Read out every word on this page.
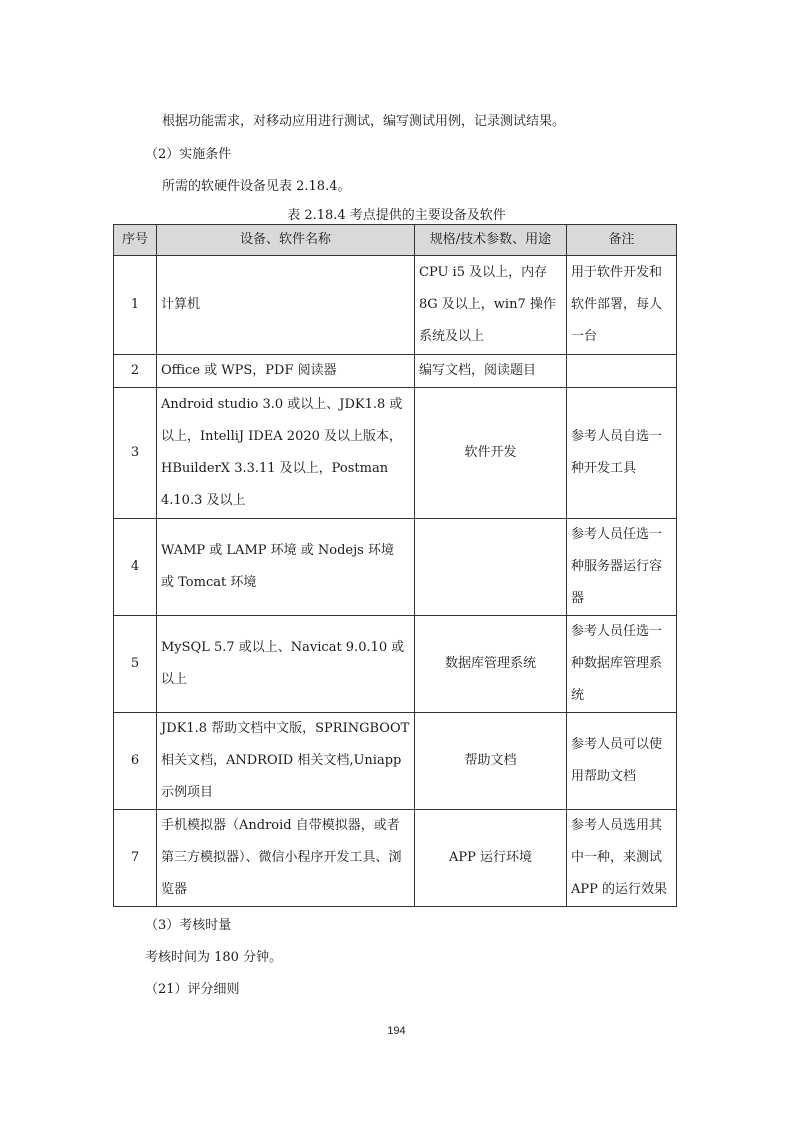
根据功能需求，对移动应用进行测试，编写测试用例，记录测试结果。
（2）实施条件
所需的软硬件设备见表 2.18.4。
表 2.18.4 考点提供的主要设备及软件
序号	设备、软件名称	规格/技术参数、用途	备注
1	计算机	CPU i5 及以上，内存 8G 及以上，win7 操作系统及以上	用于软件开发和软件部署，每人一台
2	Office 或 WPS，PDF 阅读器	编写文档，阅读题目	
3	Android studio 3.0 或以上、JDK1.8 或以上，IntelliJ IDEA 2020 及以上版本，HBuilderX 3.3.11 及以上，Postman 4.10.3 及以上	软件开发	参考人员自选一种开发工具
4	WAMP 或 LAMP 环境 或 Nodejs 环境 或 Tomcat 环境		参考人员任选一种服务器运行容器
5	MySQL 5.7 或以上、Navicat 9.0.10 或以上	数据库管理系统	参考人员任选一种数据库管理系统
6	JDK1.8 帮助文档中文版，SPRINGBOOT 相关文档，ANDROID 相关文档,Uniapp 示例项目	帮助文档	参考人员可以使用帮助文档
7	手机模拟器（Android 自带模拟器，或者第三方模拟器）、微信小程序开发工具、浏览器	APP 运行环境	参考人员选用其中一种，来测试 APP 的运行效果
（3）考核时量
考核时间为 180 分钟。
（21）评分细则
194
